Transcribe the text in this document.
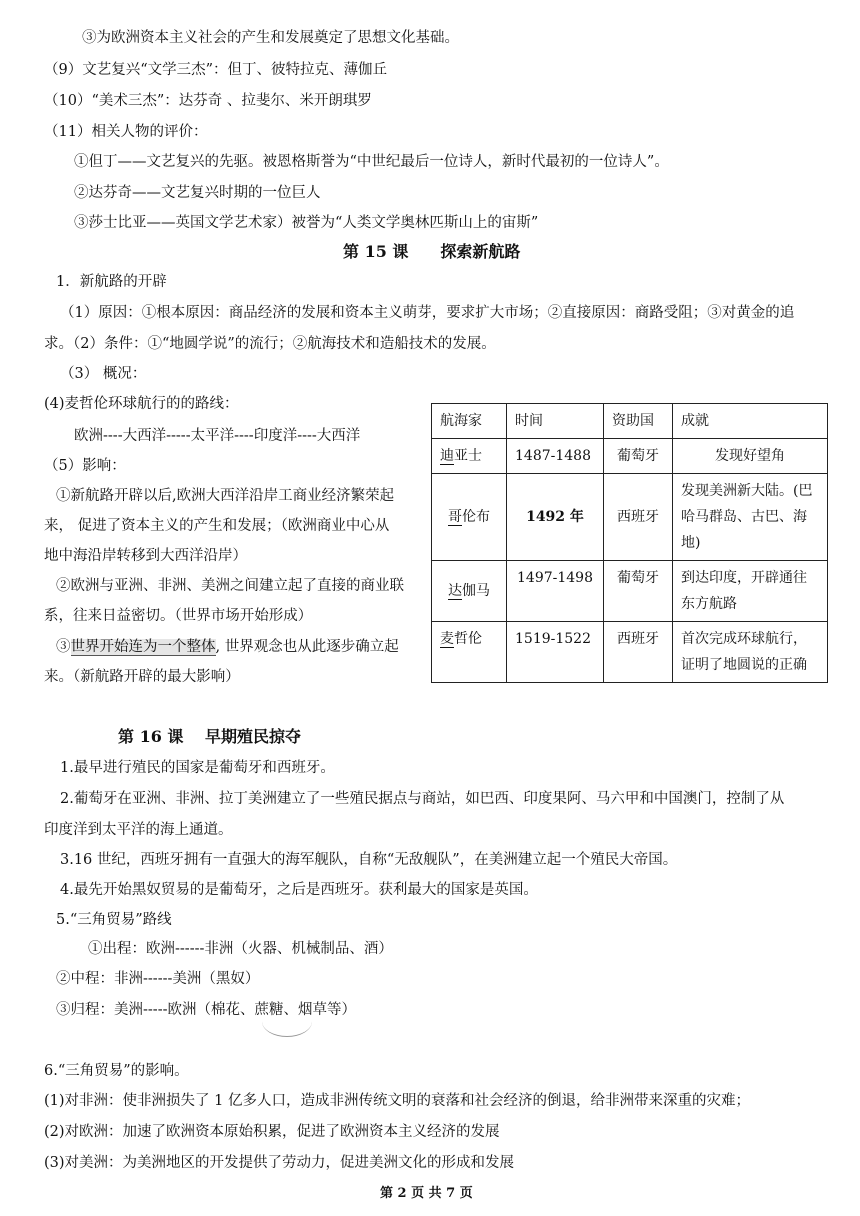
③为欧洲资本主义社会的产生和发展奠定了思想文化基础。
（9）文艺复兴“文学三杰”：但丁、彼特拉克、薄伽丘
（10）“美术三杰”：达芬奇 、拉斐尔、米开朗琪罗
（11）相关人物的评价：
①但丁——文艺复兴的先驱。被恩格斯誉为“中世纪最后一位诗人，新时代最初的一位诗人”。
②达芬奇——文艺复兴时期的一位巨人
③莎士比亚——英国文学艺术家）被誉为“人类文学奥林匹斯山上的宙斯”
第 15 课　　探索新航路
1．新航路的开辟
（1）原因：①根本原因：商品经济的发展和资本主义萌芽，要求扩大市场；②直接原因：商路受阻；③对黄金的追
求。（2）条件：①“地圆学说”的流行；②航海技术和造船技术的发展。
（3） 概况：
(4)麦哲伦环球航行的的路线：
欧洲----大西洋-----太平洋----印度洋----大西洋
（5）影响：
①新航路开辟以后,欧洲大西洋沿岸工商业经济繁荣起
来， 促进了资本主义的产生和发展；（欧洲商业中心从
地中海沿岸转移到大西洋沿岸）
②欧洲与亚洲、非洲、美洲之间建立起了直接的商业联
系，往来日益密切。（世界市场开始形成）
③世界开始连为一个整体, 世界观念也从此逐步确立起
来。（新航路开辟的最大影响）
航海家	时间	资助国	成就
迪亚士	1487-1488	葡萄牙	发现好望角
哥伦布	1492 年	西班牙	发现美洲新大陆。(巴
哈马群岛、古巴、海
地)

达伽马	1497-1498	葡萄牙	到达印度，开辟通往
东方航路

麦哲伦	1519-1522	西班牙	首次完成环球航行，
证明了地圆说的正确
第 16 课　 早期殖民掠夺
1.最早进行殖民的国家是葡萄牙和西班牙。
2.葡萄牙在亚洲、非洲、拉丁美洲建立了一些殖民据点与商站，如巴西、印度果阿、马六甲和中国澳门，控制了从
印度洋到太平洋的海上通道。
3.16 世纪，西班牙拥有一直强大的海军舰队，自称“无敌舰队”，在美洲建立起一个殖民大帝国。
4.最先开始黑奴贸易的是葡萄牙，之后是西班牙。获利最大的国家是英国。
5.“三角贸易”路线
①出程：欧洲------非洲（火器、机械制品、酒）
②中程：非洲------美洲（黑奴）
③归程：美洲-----欧洲（棉花、蔗糖、烟草等）
6.“三角贸易”的影响。
(1)对非洲：使非洲损失了 1 亿多人口，造成非洲传统文明的衰落和社会经济的倒退，给非洲带来深重的灾难；
(2)对欧洲：加速了欧洲资本原始积累，促进了欧洲资本主义经济的发展
(3)对美洲：为美洲地区的开发提供了劳动力，促进美洲文化的形成和发展
第 2 页 共 7 页
